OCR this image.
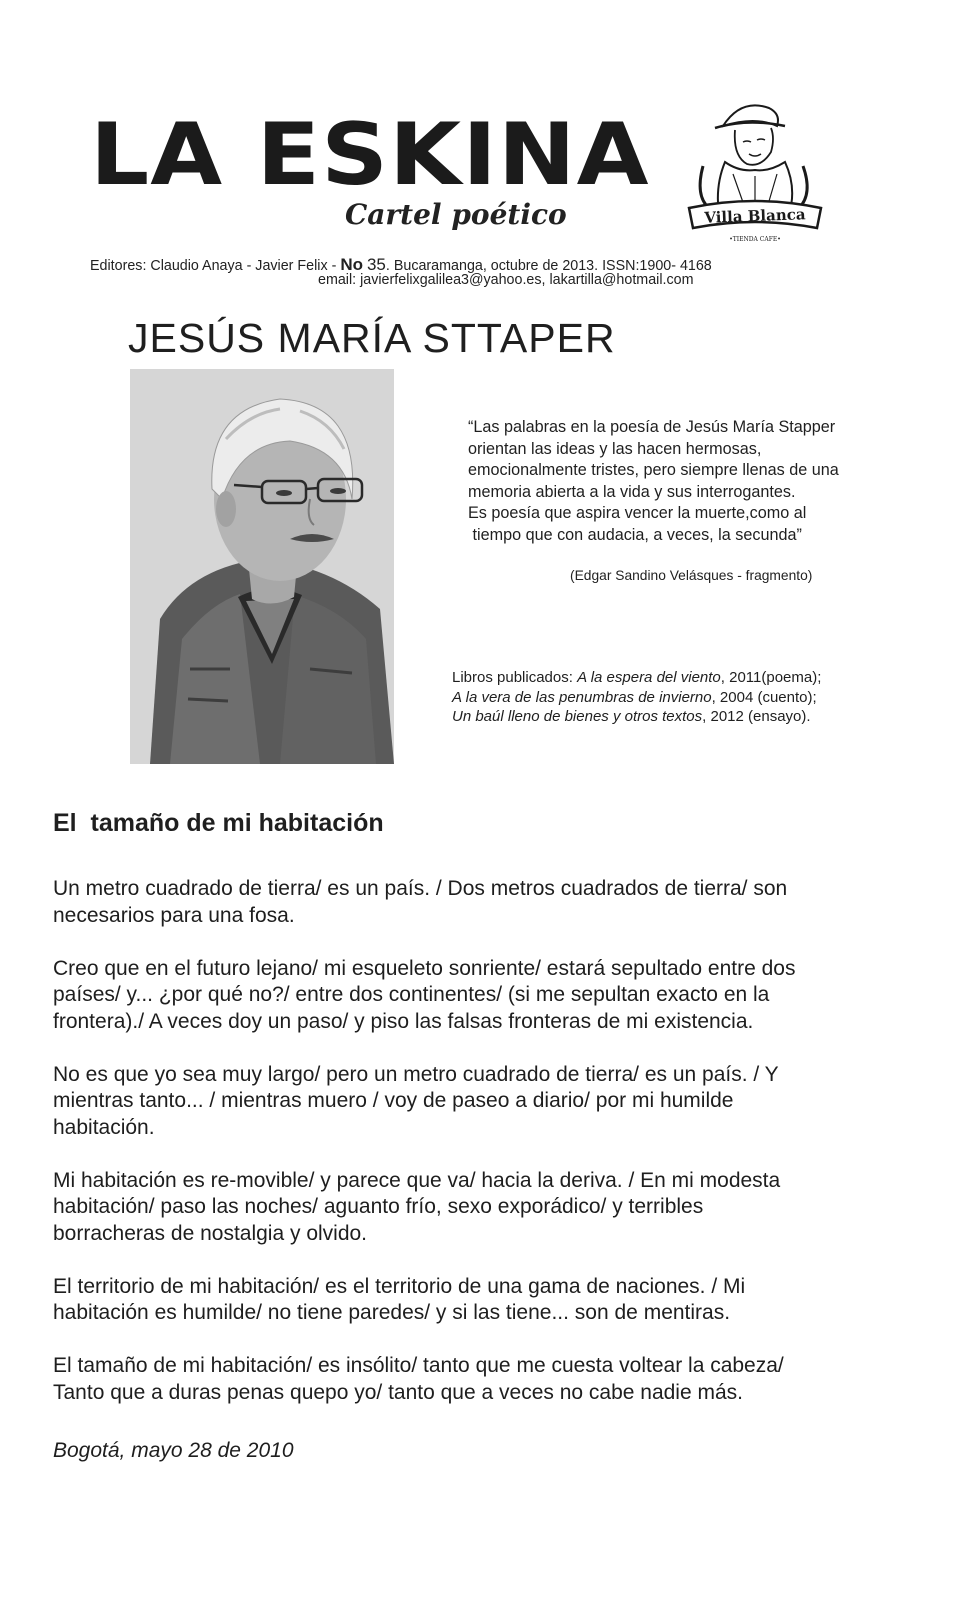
LA ESKINA
Cartel poético	Villa Blanca
•TIENDA CAFE•
Editores: Claudio Anaya - Javier Felix - No 35. Bucaramanga, octubre de 2013. ISSN:1900- 4168
email: javierfelixgalilea3@yahoo.es, lakartilla@hotmail.com
JESÚS MARÍA STTAPER
“Las palabras en la poesía de Jesús María Stapper
orientan las ideas y las hacen hermosas,
emocionalmente tristes, pero siempre llenas de una
memoria abierta a la vida y sus interrogantes.
Es poesía que aspira vencer la muerte,como al
tiempo que con audacia, a veces, la secunda”
(Edgar Sandino Velásques - fragmento)
Libros publicados: A la espera del viento, 2011(poema);
A la vera de las penumbras de invierno, 2004 (cuento);
Un baúl lleno de bienes y otros textos, 2012 (ensayo).
El  tamaño de mi habitación
Un metro cuadrado de tierra/ es un país. / Dos metros cuadrados de tierra/ son
necesarios para una fosa.
Creo que en el futuro lejano/ mi esqueleto sonriente/ estará sepultado entre dos
países/ y... ¿por qué no?/ entre dos continentes/ (si me sepultan exacto en la
frontera)./ A veces doy un paso/ y piso las falsas fronteras de mi existencia.
No es que yo sea muy largo/ pero un metro cuadrado de tierra/ es un país. / Y
mientras tanto... / mientras muero / voy de paseo a diario/ por mi humilde
habitación.
Mi habitación es re-movible/ y parece que va/ hacia la deriva. / En mi modesta
habitación/ paso las noches/ aguanto frío, sexo exporádico/ y terribles
borracheras de nostalgia y olvido.
El territorio de mi habitación/ es el territorio de una gama de naciones. / Mi
habitación es humilde/ no tiene paredes/ y si las tiene... son de mentiras.
El tamaño de mi habitación/ es insólito/ tanto que me cuesta voltear la cabeza/
Tanto que a duras penas quepo yo/ tanto que a veces no cabe nadie más.
Bogotá, mayo 28 de 2010
